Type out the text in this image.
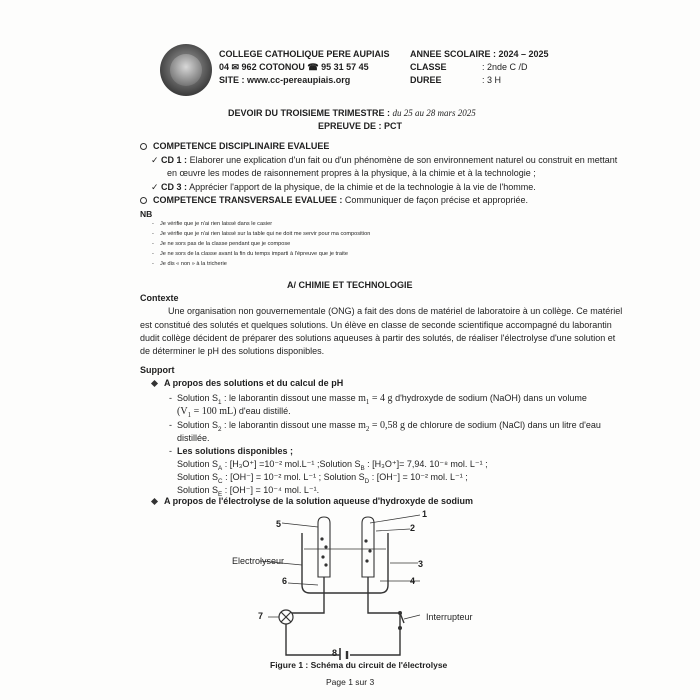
COLLEGE CATHOLIQUE PERE AUPIAIS
04 ✉ 962 COTONOU ☎ 95 31 57 45
SITE : www.cc-pereaupiais.org
ANNEE SCOLAIRE : 2024 – 2025
CLASSE	: 2nde C /D
DUREE	: 3 H
DEVOIR DU TROISIEME TRIMESTRE : du 25 au 28 mars 2025
EPREUVE DE : PCT
COMPETENCE DISCIPLINAIRE EVALUEE
✓ CD 1 : Elaborer une explication d'un fait ou d'un phénomène de son environnement naturel ou construit en mettant
en œuvre les modes de raisonnement propres à la physique, à la chimie et à la technologie ;
✓ CD 3 : Apprécier l'apport de la physique, de la chimie et de la technologie à la vie de l'homme.
COMPETENCE TRANSVERSALE EVALUEE : Communiquer de façon précise et appropriée.
NB
- Je vérifie que je n'ai rien laissé dans le casier
- Je vérifie que je n'ai rien laissé sur la table qui ne doit me servir pour ma composition
- Je ne sors pas de la classe pendant que je compose
- Je ne sors de la classe avant la fin du temps imparti à l'épreuve que je traite
- Je dis « non » à la tricherie
A/ CHIMIE ET TECHNOLOGIE
Contexte
Une organisation non gouvernementale (ONG) a fait des dons de matériel de laboratoire à un collège. Ce matériel
est constitué des solutés et quelques solutions. Un élève en classe de seconde scientifique accompagné du laborantin
dudit collège décident de préparer des solutions aqueuses à partir des solutés, de réaliser l'électrolyse d'une solution et
de déterminer le pH des solutions disponibles.
Support
A propos des solutions et du calcul de pH
- Solution $S_1$ : le laborantin dissout une masse $m_1 = 4$ g d'hydroxyde de sodium (NaOH) dans un volume
($V_1 = 100$ mL) d'eau distillé.
- Solution $S_2$ : le laborantin dissout une masse $m_2 = 0,58$ g de chlorure de sodium (NaCl) dans un litre d'eau
distillée.
- Les solutions disponibles ;
Solution $S_A$ : [H₃O⁺] =10⁻² mol.L⁻¹ ;Solution $S_B$ : [H₃O⁺]= 7,94. 10⁻⁸ mol. L⁻¹ ;
Solution $S_C$ : [OH⁻] = 10⁻² mol. L⁻¹ ; Solution $S_D$ : [OH⁻] = 10⁻² mol. L⁻¹ ;
Solution $S_E$ : [OH⁻] = 10⁻⁴ mol. L⁻¹.
A propos de l'électrolyse de la solution aqueuse d'hydroxyde de sodium
5
1
2
Electrolyseur	3
6	4
7	Interrupteur
8
Figure 1 : Schéma du circuit de l'électrolyse
Page 1 sur 3
